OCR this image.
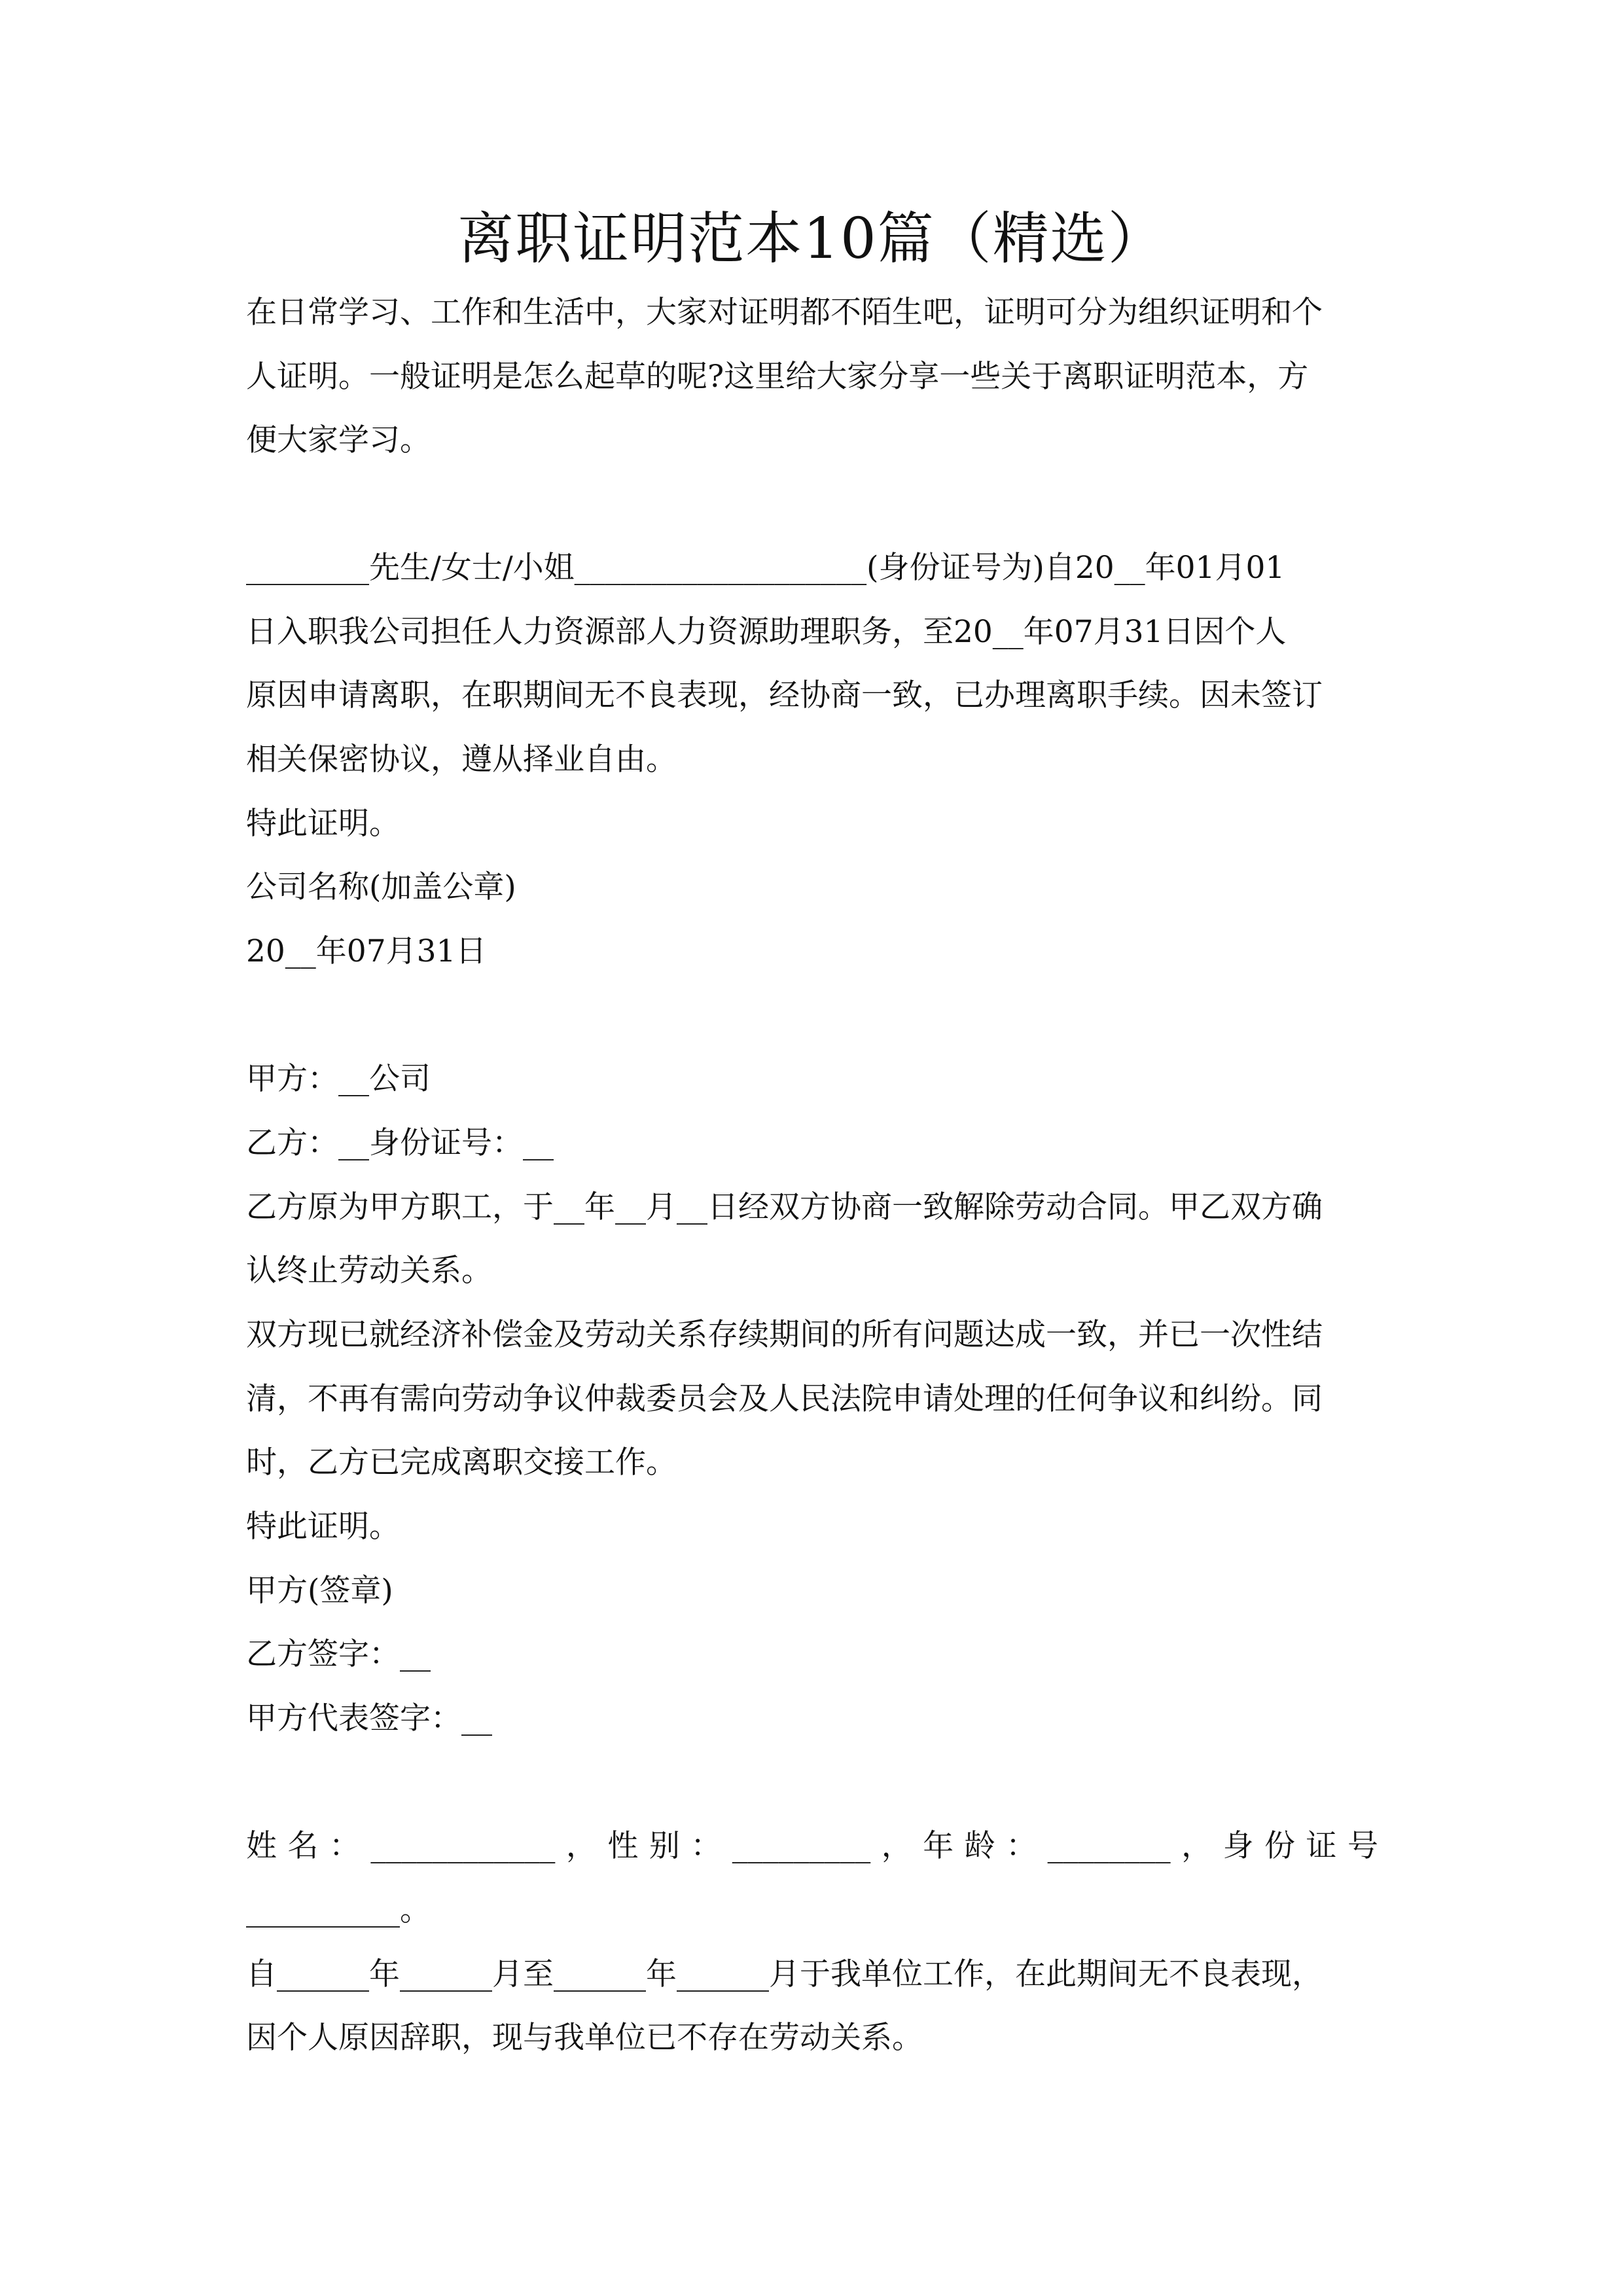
离职证明范本10篇（精选）
在日常学习、工作和生活中，大家对证明都不陌生吧，证明可分为组织证明和个
人证明。一般证明是怎么起草的呢?这里给大家分享一些关于离职证明范本，方
便大家学习。
________先生/女士/小姐___________________(身份证号为)自20__年01月01
日入职我公司担任人力资源部人力资源助理职务，至20__年07月31日因个人
原因申请离职，在职期间无不良表现，经协商一致，已办理离职手续。因未签订
相关保密协议，遵从择业自由。
特此证明。
公司名称(加盖公章)
20__年07月31日
甲方：__公司
乙方：__身份证号：__
乙方原为甲方职工，于__年__月__日经双方协商一致解除劳动合同。甲乙双方确
认终止劳动关系。
双方现已就经济补偿金及劳动关系存续期间的所有问题达成一致，并已一次性结
清，不再有需向劳动争议仲裁委员会及人民法院申请处理的任何争议和纠纷。同
时，乙方已完成离职交接工作。
特此证明。
甲方(签章)
乙方签字：__
甲方代表签字：__
姓名：____________，性别：_________，年龄：________，身份证号
__________。
自______年______月至______年______月于我单位工作，在此期间无不良表现，
因个人原因辞职，现与我单位已不存在劳动关系。
